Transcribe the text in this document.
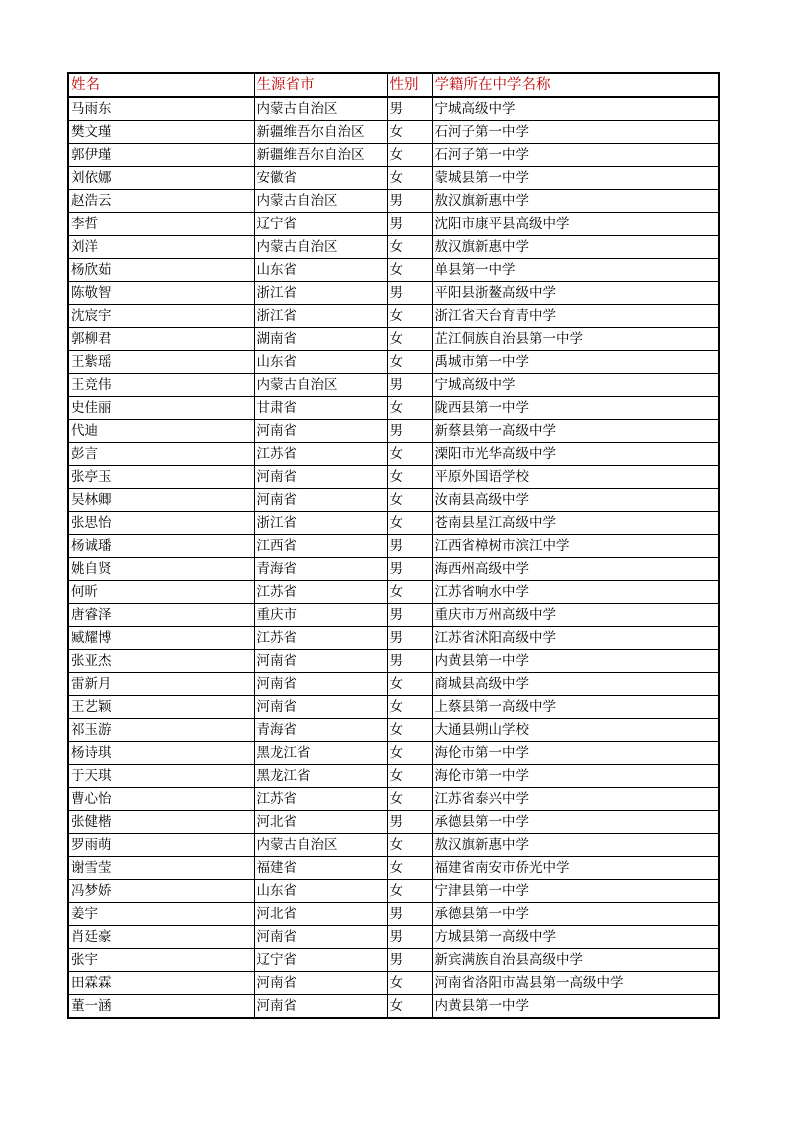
姓名	生源省市	性别	学籍所在中学名称
马雨东	内蒙古自治区	男	宁城高级中学
樊文瑾	新疆维吾尔自治区	女	石河子第一中学
郭伊瑾	新疆维吾尔自治区	女	石河子第一中学
刘依娜	安徽省	女	蒙城县第一中学
赵浩云	内蒙古自治区	男	敖汉旗新惠中学
李哲	辽宁省	男	沈阳市康平县高级中学
刘洋	内蒙古自治区	女	敖汉旗新惠中学
杨欣茹	山东省	女	单县第一中学
陈敬智	浙江省	男	平阳县浙鳌高级中学
沈宸宇	浙江省	女	浙江省天台育青中学
郭柳君	湖南省	女	芷江侗族自治县第一中学
王紫瑶	山东省	女	禹城市第一中学
王竞伟	内蒙古自治区	男	宁城高级中学
史佳丽	甘肃省	女	陇西县第一中学
代迪	河南省	男	新蔡县第一高级中学
彭言	江苏省	女	溧阳市光华高级中学
张亭玉	河南省	女	平原外国语学校
吴林卿	河南省	女	汝南县高级中学
张思怡	浙江省	女	苍南县星江高级中学
杨诚璠	江西省	男	江西省樟树市滨江中学
姚自贤	青海省	男	海西州高级中学
何昕	江苏省	女	江苏省响水中学
唐睿泽	重庆市	男	重庆市万州高级中学
臧耀博	江苏省	男	江苏省沭阳高级中学
张亚杰	河南省	男	内黄县第一中学
雷新月	河南省	女	商城县高级中学
王艺颖	河南省	女	上蔡县第一高级中学
祁玉游	青海省	女	大通县朔山学校
杨诗琪	黑龙江省	女	海伦市第一中学
于天琪	黑龙江省	女	海伦市第一中学
曹心怡	江苏省	女	江苏省泰兴中学
张健楷	河北省	男	承德县第一中学
罗雨萌	内蒙古自治区	女	敖汉旗新惠中学
谢雪莹	福建省	女	福建省南安市侨光中学
冯梦娇	山东省	女	宁津县第一中学
姜宇	河北省	男	承德县第一中学
肖廷豪	河南省	男	方城县第一高级中学
张宇	辽宁省	男	新宾满族自治县高级中学
田霖霖	河南省	女	河南省洛阳市嵩县第一高级中学
董一涵	河南省	女	内黄县第一中学
